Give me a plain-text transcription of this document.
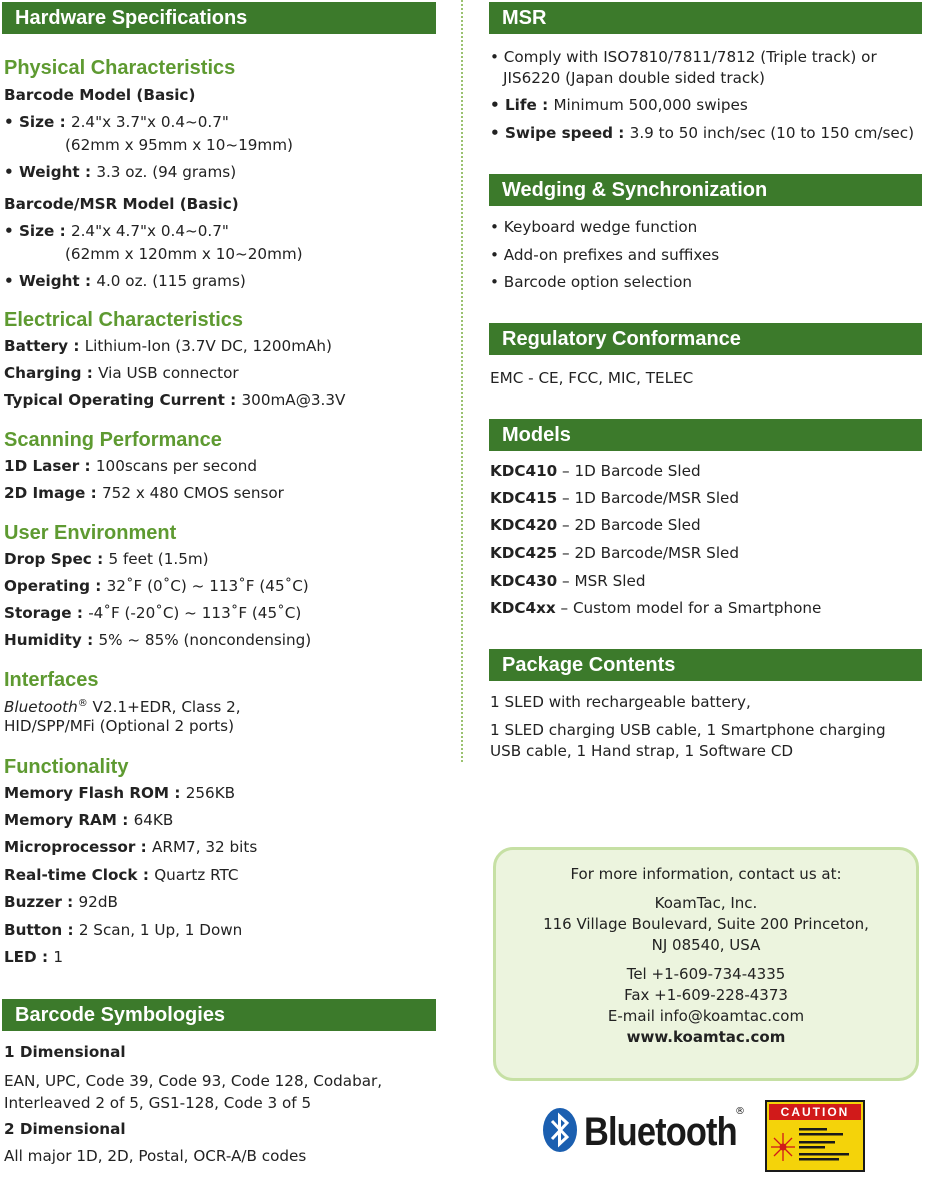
Hardware Specifications
Physical Characteristics
Barcode Model (Basic)
• Size : 2.4"x 3.7"x 0.4~0.7"
(62mm x 95mm x 10~19mm)
• Weight : 3.3 oz. (94 grams)
Barcode/MSR Model (Basic)
• Size : 2.4"x 4.7"x 0.4~0.7"
(62mm x 120mm x 10~20mm)
• Weight : 4.0 oz. (115 grams)
Electrical Characteristics
Battery : Lithium-Ion (3.7V DC, 1200mAh)
Charging : Via USB connector
Typical Operating Current : 300mA@3.3V
Scanning Performance
1D Laser : 100scans per second
2D Image : 752 x 480 CMOS sensor
User Environment
Drop Spec : 5 feet (1.5m)
Operating : 32˚F (0˚C) ~ 113˚F (45˚C)
Storage : -4˚F (-20˚C) ~ 113˚F (45˚C)
Humidity : 5% ~ 85% (noncondensing)
Interfaces
Bluetooth® V2.1+EDR, Class 2,
HID/SPP/MFi (Optional 2 ports)
Functionality
Memory Flash ROM : 256KB
Memory RAM : 64KB
Microprocessor : ARM7, 32 bits
Real-time Clock : Quartz RTC
Buzzer : 92dB
Button : 2 Scan, 1 Up, 1 Down
LED : 1
Barcode Symbologies
1 Dimensional
EAN, UPC, Code 39, Code 93, Code 128, Codabar,
Interleaved 2 of 5, GS1-128, Code 3 of 5
2 Dimensional
All major 1D, 2D, Postal, OCR-A/B codes
MSR
• Comply with ISO7810/7811/7812 (Triple track) or
JIS6220 (Japan double sided track)
• Life : Minimum 500,000 swipes
• Swipe speed : 3.9 to 50 inch/sec (10 to 150 cm/sec)
Wedging & Synchronization
• Keyboard wedge function
• Add-on prefixes and suffixes
• Barcode option selection
Regulatory Conformance
EMC - CE, FCC, MIC, TELEC
Models
KDC410 – 1D Barcode Sled
KDC415 – 1D Barcode/MSR Sled
KDC420 – 2D Barcode Sled
KDC425 – 2D Barcode/MSR Sled
KDC430 – MSR Sled
KDC4xx – Custom model for a Smartphone
Package Contents
1 SLED with rechargeable battery,
1 SLED charging USB cable, 1 Smartphone charging
USB cable, 1 Hand strap, 1 Software CD
For more information, contact us at:
KoamTac, Inc.
116 Village Boulevard, Suite 200 Princeton,
NJ 08540, USA
Tel +1-609-734-4335
Fax +1-609-228-4373
E-mail info@koamtac.com
www.koamtac.com
Bluetooth
®	CAUTION
